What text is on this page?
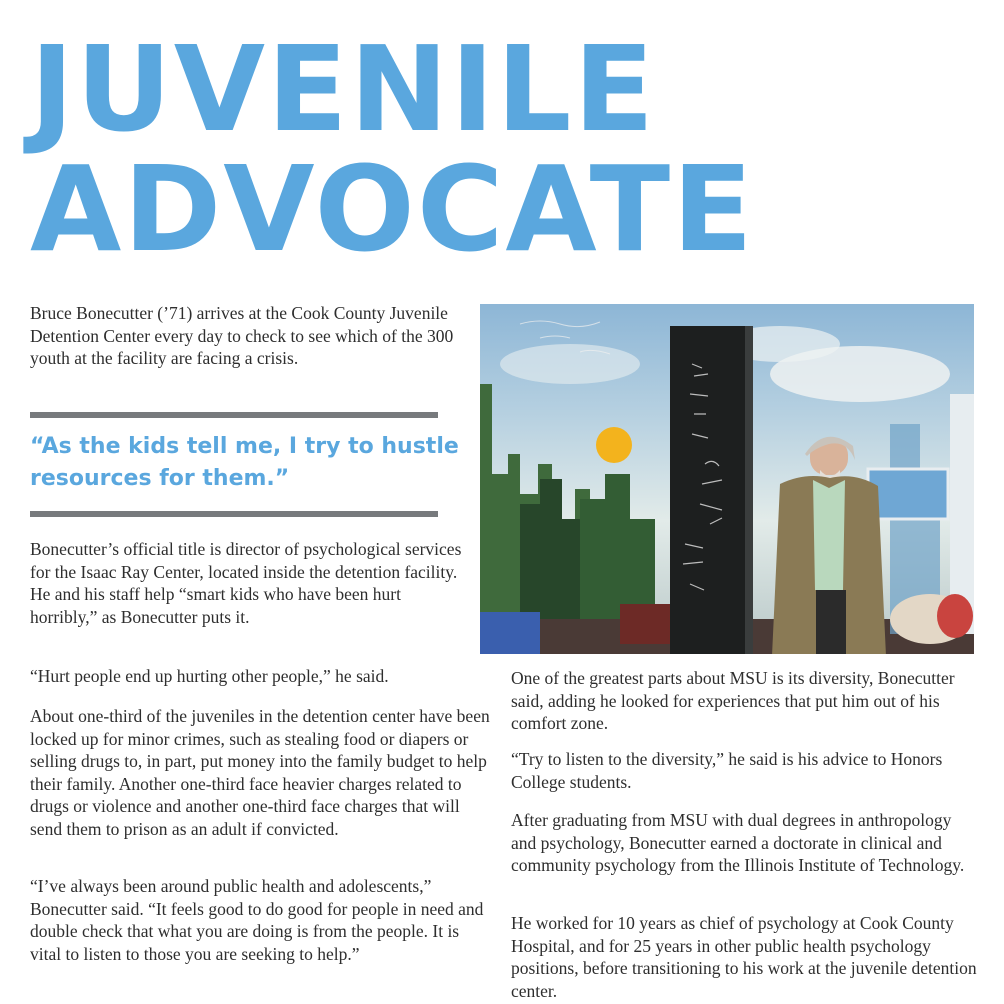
JUVENILE
ADVOCATE

Bruce Bonecutter (’71) arrives at the Cook County Juvenile Detention Center every day to check to see which of the 300 youth at the facility are facing a crisis.

“As the kids tell me, I try to hustle resources for them.”

Bonecutter’s official title is director of psychological services for the Isaac Ray Center, located inside the detention facility. He and his staff help “smart kids who have been hurt horribly,” as Bonecutter puts it.

“Hurt people end up hurting other people,” he said.

About one-third of the juveniles in the detention center have been locked up for minor crimes, such as stealing food or diapers or selling drugs to, in part, put money into the family budget to help their family. Another one-third face heavier charges related to drugs or violence and another one-third face charges that will send them to prison as an adult if convicted.

“I’ve always been around public health and adolescents,” Bonecutter said. “It feels good to do good for people in need and double check that what you are doing is from the people. It is vital to listen to those you are seeking to help.”

One of the greatest parts about MSU is its diversity, Bonecutter said, adding he looked for experiences that put him out of his comfort zone.

“Try to listen to the diversity,” he said is his advice to Honors College students.

After graduating from MSU with dual degrees in anthropology and psychology, Bonecutter earned a doctorate in clinical and community psychology from the Illinois Institute of Technology.

He worked for 10 years as chief of psychology at Cook County Hospital, and for 25 years in other public health psychology positions, before transitioning to his work at the juvenile detention center.
